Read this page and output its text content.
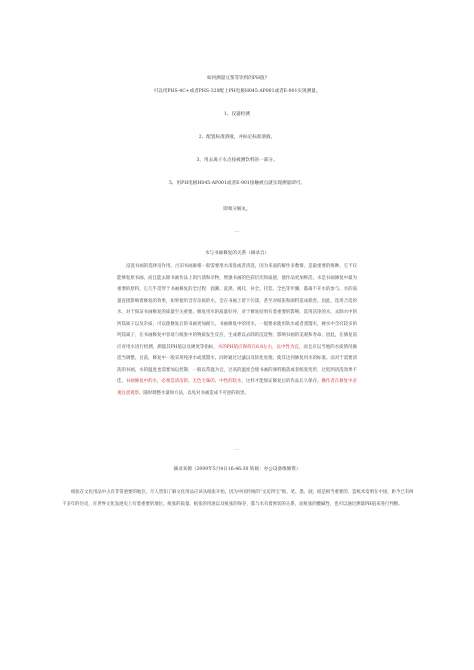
如何测量豆浆等饮料的PH值?
可以用PHS-4C+或者PHS-320配上PH电极H045-AP001或者E-901实现测量。
1、仪器检测
2、配置标准溶液，并标定标准溶液。
3、用去离子水点按被测饮料的一部分。
5、用PH电极H045-AP001或者E-901接触被点就实现测量即可。
即须分解丸。
—
水与书画修复的关系（摘录自）
浸洗书画的选择及作用。古旧书画素楮一般需要用水清洗或者清洗，因为来面的解作多数情，是最重要的维种。它不仅能够复原书画，而且能去除书画作品上的污渍和杂物，增强书画的色彩层次和质感，使作品更加鲜活。水是书画修复中最为重要的原料，它几乎贯穿于书画修复的全过程：润潮、洗涤、揭托、补全、托装、全色等步骤，都离不开水的参与。水的质量直接影响着修复的效果，如果使用含有杂质的水，会在书画上留下污渍，甚至对纸张和颜料造成损害。因此，选用合适的水，对于保证书画修复的质量至关重要。修复用水的质量好坏，对于修复结果有着重要的影响，选用洁净的水，去除水中的钙镁离子以及杂质，可以使修复后的书画更加耐久。书画修复中的用水，一般要求使用软水或者蒸馏水，硬水中含有较多的钙镁离子，在书画修复中容易与纸张中的物质发生反应，生成难以去除的沉淀物，影响书画的美观和寿命。因此，在修复前应对用水进行检测，测量其PH值以及硬度等指标，水的PH值应保持在6.8左右，以中性为宜，而且应以当地的水质情况做适当调整。目前，修复中一般采用纯净水或蒸馏水，同时通过过滤以及软化处理，使其达到修复用水的标准。而对于需要清洗的书画，水的温度也需要加以控制，一般以常温为宜，过高的温度会使书画的颜料脱落或者纸张变形，过低则清洗效果不佳。书画修复中的水，必须是清洁的、无色无味的、中性的软水，这样才能保证修复后的作品长久保存。操作者在修复中必须注意观察，随时调整水量和方法，以免对书画造成不可逆的损害。
—
摘录来源（2009年5月4日16:46:30 转载：办公设备维修资）
纸张在文化用品中占有非常重要的地位，尽人皆知了解文化用品应该从纸张开始。因为中国传统的“文房四宝”纸、笔、墨、砚，纸是相当重要的，造纸术发明在中国，距今已有两千多年的历史，在世界文化发展史上有着重要的地位。纸张的质量、纸张的用途以及纸张的保存，都与水有着密切的关系，而纸张的酸碱性，也可以通过测量PH值来进行判断。
